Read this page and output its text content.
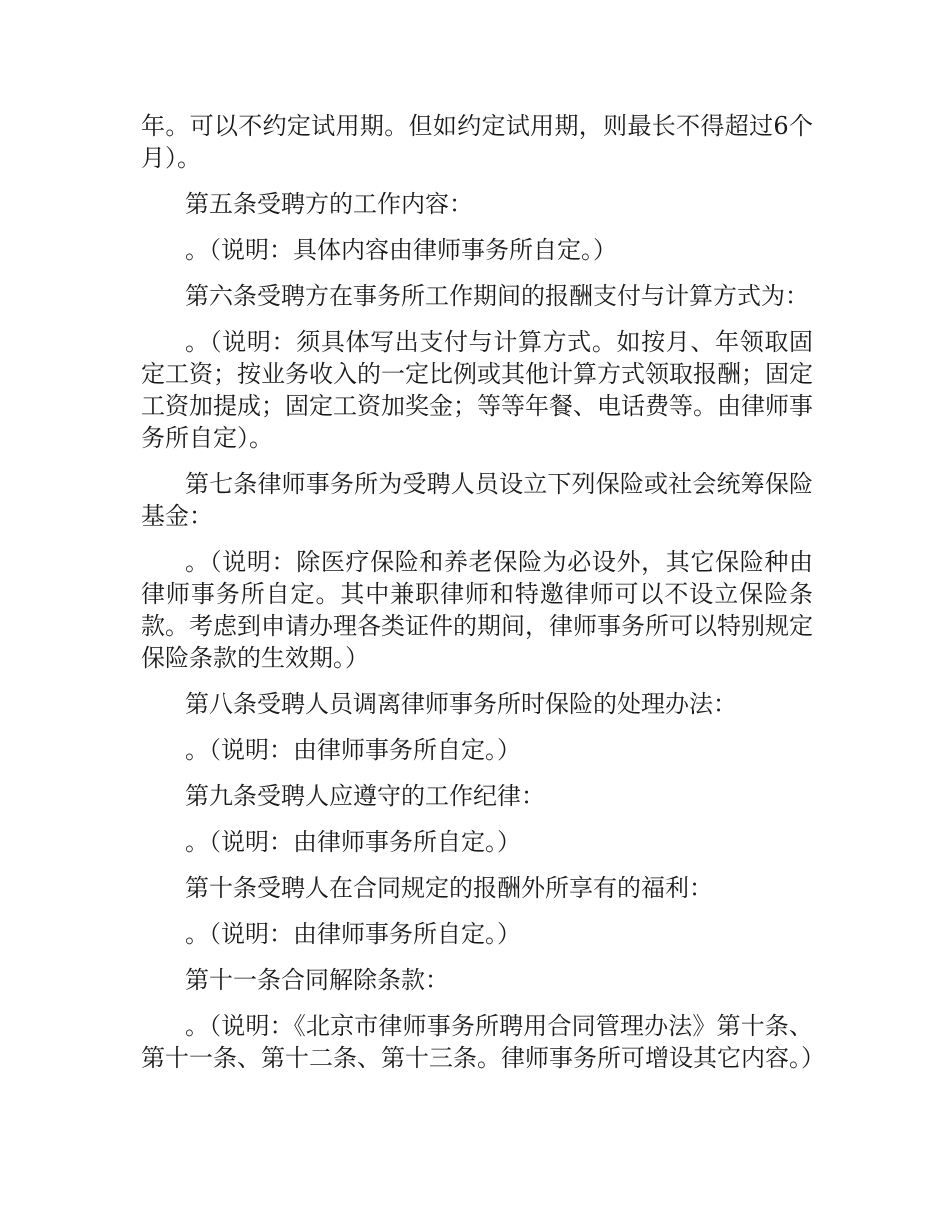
年。可以不约定试用期。但如约定试用期，则最长不得超过6个月）。

第五条受聘方的工作内容：

。（说明：具体内容由律师事务所自定。）

第六条受聘方在事务所工作期间的报酬支付与计算方式为：

。（说明：须具体写出支付与计算方式。如按月、年领取固定工资；按业务收入的一定比例或其他计算方式领取报酬；固定工资加提成；固定工资加奖金；等等年餐、电话费等。由律师事务所自定）。

第七条律师事务所为受聘人员设立下列保险或社会统筹保险基金：

。（说明：除医疗保险和养老保险为必设外，其它保险种由律师事务所自定。其中兼职律师和特邀律师可以不设立保险条款。考虑到申请办理各类证件的期间，律师事务所可以特别规定保险条款的生效期。）

第八条受聘人员调离律师事务所时保险的处理办法：

。（说明：由律师事务所自定。）

第九条受聘人应遵守的工作纪律：

。（说明：由律师事务所自定。）

第十条受聘人在合同规定的报酬外所享有的福利：

。（说明：由律师事务所自定。）

第十一条合同解除条款：

。（说明：《北京市律师事务所聘用合同管理办法》第十条、第十一条、第十二条、第十三条。律师事务所可增设其它内容。）
